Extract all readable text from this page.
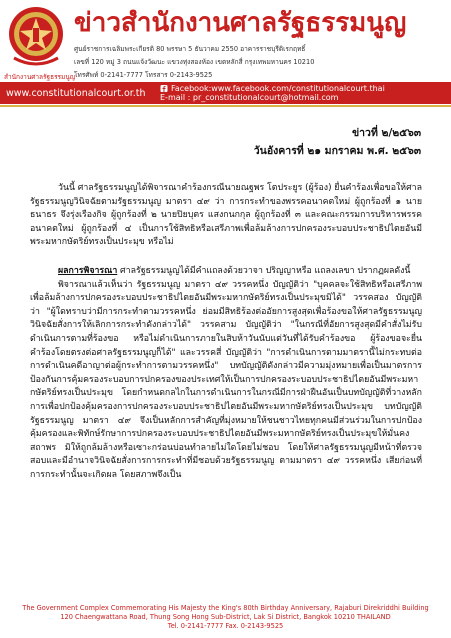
ข่าวสำนักงานศาลรัฐธรรมนูญ
ศูนย์ราชการเฉลิมพระเกียรติ 80 พรรษา 5 ธันวาคม 2550 อาคารราชบุรีดิเรกฤทธิ์
เลขที่ 120 หมู่ 3 ถนนแจ้งวัฒนะ แขวงทุ่งสองห้อง เขตหลักสี่ กรุงเทพมหานคร 10210
โทรศัพท์ 0-2141-7777 โทรสาร 0-2143-9525
สำนักงานศาลรัฐธรรมนูญ
www.constitutionalcourt.or.th	Facebook:www.facebook.com/constitutionalcourt.thai
E-mail : pr_constitutionalcourt@hotmail.com
ข่าวที่ ๒/๒๕๖๓
วันอังคารที่ ๒๑ มกราคม พ.ศ. ๒๕๖๓

วันนี้ ศาลรัฐธรรมนูญได้พิจารณาคำร้องกรณีนายณฐพร โตประยูร (ผู้ร้อง) ยื่นคำร้องเพื่อขอให้ศาลรัฐธรรมนูญวินิจฉัยตามรัฐธรรมนูญ มาตรา ๔๙ ว่า การกระทำของพรรคอนาคตใหม่ ผู้ถูกร้องที่ ๑ นายธนาธร จึงรุ่งเรืองกิจ ผู้ถูกร้องที่ ๒ นายปิยบุตร แสงกนกกุล ผู้ถูกร้องที่ ๓ และคณะกรรมการบริหารพรรคอนาคตใหม่ ผู้ถูกร้องที่ ๔ เป็นการใช้สิทธิหรือเสรีภาพเพื่อล้มล้างการปกครองระบอบประชาธิปไตยอันมีพระมหากษัตริย์ทรงเป็นประมุข หรือไม่

ผลการพิจารณา ศาลรัฐธรรมนูญได้มีคำแถลงด้วยวาจา ปริญญาหรือ แถลงเลขา ปรากฏผลดังนี้

พิจารณาแล้วเห็นว่า รัฐธรรมนูญ มาตรา ๔๙ วรรคหนึ่ง บัญญัติว่า "บุคคลจะใช้สิทธิหรือเสรีภาพเพื่อล้มล้างการปกครองระบอบประชาธิปไตยอันมีพระมหากษัตริย์ทรงเป็นประมุขมิได้" วรรคสอง บัญญัติว่า "ผู้ใดทราบว่ามีการกระทำตามวรรคหนึ่ง ย่อมมีสิทธิร้องต่ออัยการสูงสุดเพื่อร้องขอให้ศาลรัฐธรรมนูญวินิจฉัยสั่งการให้เลิกการกระทำดังกล่าวได้" วรรคสาม บัญญัติว่า "ในกรณีที่อัยการสูงสุดมีคำสั่งไม่รับดำเนินการตามที่ร้องขอ หรือไม่ดำเนินการภายในสิบห้าวันนับแต่วันที่ได้รับคำร้องขอ ผู้ร้องขอจะยื่นคำร้องโดยตรงต่อศาลรัฐธรรมนูญก็ได้" และวรรคสี่ บัญญัติว่า "การดำเนินการตามมาตรานี้ไม่กระทบต่อการดำเนินคดีอาญาต่อผู้กระทำการตามวรรคหนึ่ง" บทบัญญัติดังกล่าวมีความมุ่งหมายเพื่อเป็นมาตรการป้องกันการคุ้มครองระบอบการปกครองของประเทศให้เป็นการปกครองระบอบประชาธิปไตยอันมีพระมหากษัตริย์ทรงเป็นประมุข โดยกำหนดกลไกในการดำเนินการในกรณีมีการฝ่าฝืนอันเป็นบทบัญญัติที่วางหลักการเพื่อปกป้องคุ้มครองการปกครองระบอบประชาธิปไตยอันมีพระมหากษัตริย์ทรงเป็นประมุข บทบัญญัติรัฐธรรมนูญ มาตรา ๔๙ จึงเป็นหลักการสำคัญที่มุ่งหมายให้ชนชาวไทยทุกคนมีส่วนร่วมในการปกป้องคุ้มครองและพิทักษ์รักษาการปกครองระบอบประชาธิปไตยอันมีพระมหากษัตริย์ทรงเป็นประมุขให้มั่นคงสถาพร มิให้ถูกล้มล้างหรือเซาะกร่อนบ่อนทำลายไม่ใดโดยไม่ชอบ โดยให้ศาลรัฐธรรมนูญมีหน้าที่ตรวจสอบและมีอำนาจวินิจฉัยสั่งการการกระทำที่มีชอบด้วยรัฐธรรมนูญ ตามมาตรา ๔๙ วรรคหนึ่ง เสียก่อนที่การกระทำนั้นจะเกิดผล โดยสภาพจึงเป็น

The Government Complex Commemorating His Majesty the King's 80th Birthday Anniversary, Rajaburi Direkriddhi Building
120 Chaengwattana Road, Thung Song Hong Sub-District, Lak Si District, Bangkok 10210 THAILAND
Tel. 0-2141-7777 Fax. 0-2143-9525
